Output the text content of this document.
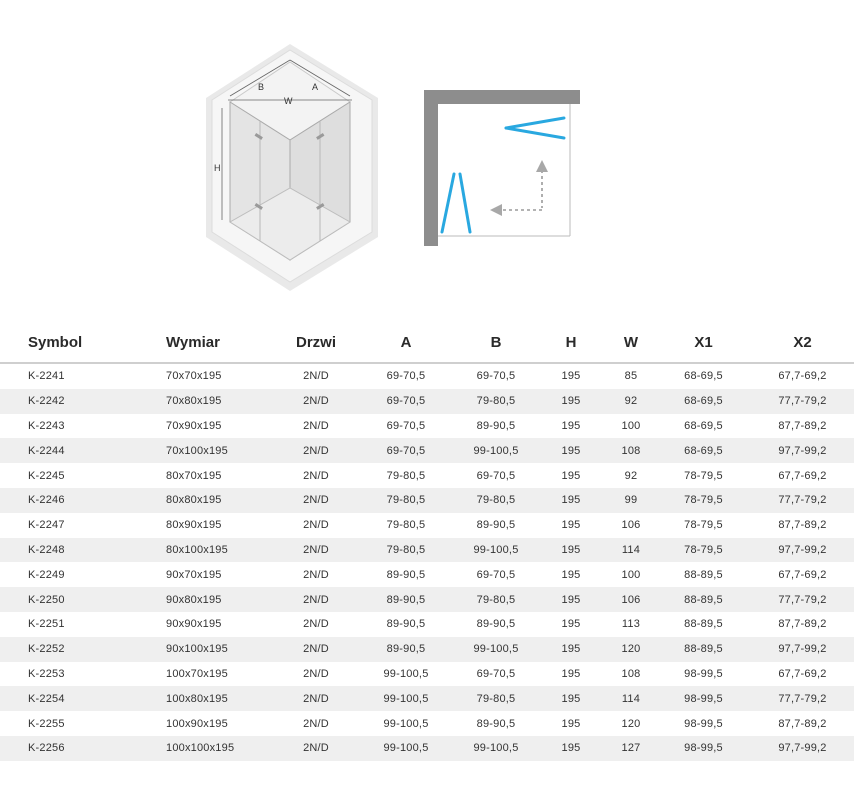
B
W
A
H
Symbol	Wymiar	Drzwi	A	B	H	W	X1	X2
K-2241	70x70x195	2N/D	69-70,5	69-70,5	195	85	68-69,5	67,7-69,2
K-2242	70x80x195	2N/D	69-70,5	79-80,5	195	92	68-69,5	77,7-79,2
K-2243	70x90x195	2N/D	69-70,5	89-90,5	195	100	68-69,5	87,7-89,2
K-2244	70x100x195	2N/D	69-70,5	99-100,5	195	108	68-69,5	97,7-99,2
K-2245	80x70x195	2N/D	79-80,5	69-70,5	195	92	78-79,5	67,7-69,2
K-2246	80x80x195	2N/D	79-80,5	79-80,5	195	99	78-79,5	77,7-79,2
K-2247	80x90x195	2N/D	79-80,5	89-90,5	195	106	78-79,5	87,7-89,2
K-2248	80x100x195	2N/D	79-80,5	99-100,5	195	114	78-79,5	97,7-99,2
K-2249	90x70x195	2N/D	89-90,5	69-70,5	195	100	88-89,5	67,7-69,2
K-2250	90x80x195	2N/D	89-90,5	79-80,5	195	106	88-89,5	77,7-79,2
K-2251	90x90x195	2N/D	89-90,5	89-90,5	195	113	88-89,5	87,7-89,2
K-2252	90x100x195	2N/D	89-90,5	99-100,5	195	120	88-89,5	97,7-99,2
K-2253	100x70x195	2N/D	99-100,5	69-70,5	195	108	98-99,5	67,7-69,2
K-2254	100x80x195	2N/D	99-100,5	79-80,5	195	114	98-99,5	77,7-79,2
K-2255	100x90x195	2N/D	99-100,5	89-90,5	195	120	98-99,5	87,7-89,2
K-2256	100x100x195	2N/D	99-100,5	99-100,5	195	127	98-99,5	97,7-99,2
